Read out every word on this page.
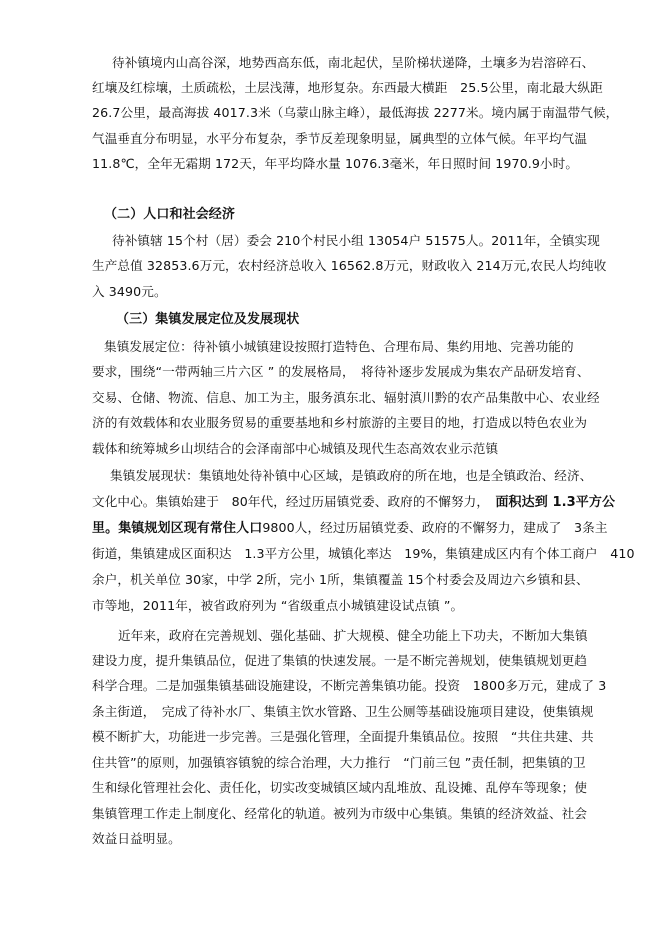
待补镇境内山高谷深，地势西高东低，南北起伏，呈阶梯状递降，土壤多为岩溶碎石、
红壤及红棕壤，土质疏松，土层浅薄，地形复杂。东西最大横距　25.5公里，南北最大纵距
26.7公里，最高海拔 4017.3米（乌蒙山脉主峰），最低海拔 2277米。境内属于南温带气候，
气温垂直分布明显，水平分布复杂，季节反差现象明显，属典型的立体气候。年平均气温
11.8℃，全年无霜期 172天，年平均降水量 1076.3毫米，年日照时间 1970.9小时。
（二）人口和社会经济
待补镇辖 15个村（居）委会 210个村民小组 13054户 51575人。2011年，全镇实现
生产总值 32853.6万元，农村经济总收入 16562.8万元，财政收入 214万元,农民人均纯收
入 3490元。
（三）集镇发展定位及发展现状
集镇发展定位：待补镇小城镇建设按照打造特色、合理布局、集约用地、完善功能的
要求，围绕“一带两轴三片六区 ” 的发展格局，　将待补逐步发展成为集农产品研发培育、
交易、仓储、物流、信息、加工为主，服务滇东北、辐射滇川黔的农产品集散中心、农业经
济的有效载体和农业服务贸易的重要基地和乡村旅游的主要目的地，打造成以特色农业为
载体和统筹城乡山坝结合的会泽南部中心城镇及现代生态高效农业示范镇
集镇发展现状：集镇地处待补镇中心区域，是镇政府的所在地，也是全镇政治、经济、
文化中心。集镇始建于　80年代，经过历届镇党委、政府的不懈努力，　 面积达到 1.3平方公
里。集镇规划区现有常住人口9800人，经过历届镇党委、政府的不懈努力，建成了　3条主
街道，集镇建成区面积达　1.3平方公里，城镇化率达　19%，集镇建成区内有个体工商户　410
余户，机关单位 30家，中学 2所，完小 1所，集镇覆盖 15个村委会及周边六乡镇和县、
市等地，2011年，被省政府列为 “省级重点小城镇建设试点镇 ”。
近年来，政府在完善规划、强化基础、扩大规模、健全功能上下功夫，不断加大集镇
建设力度，提升集镇品位，促进了集镇的快速发展。一是不断完善规划，使集镇规划更趋
科学合理。二是加强集镇基础设施建设，不断完善集镇功能。投资　1800多万元，建成了 3
条主街道，　完成了待补水厂、集镇主饮水管路、卫生公厕等基础设施项目建设，使集镇规
模不断扩大，功能进一步完善。三是强化管理，全面提升集镇品位。按照　“共住共建、共
住共管”的原则，加强镇容镇貌的综合治理，大力推行　“门前三包 ”责任制，把集镇的卫
生和绿化管理社会化、责任化，切实改变城镇区域内乱堆放、乱设摊、乱停车等现象；使
集镇管理工作走上制度化、经常化的轨道。被列为市级中心集镇。集镇的经济效益、社会
效益日益明显。
